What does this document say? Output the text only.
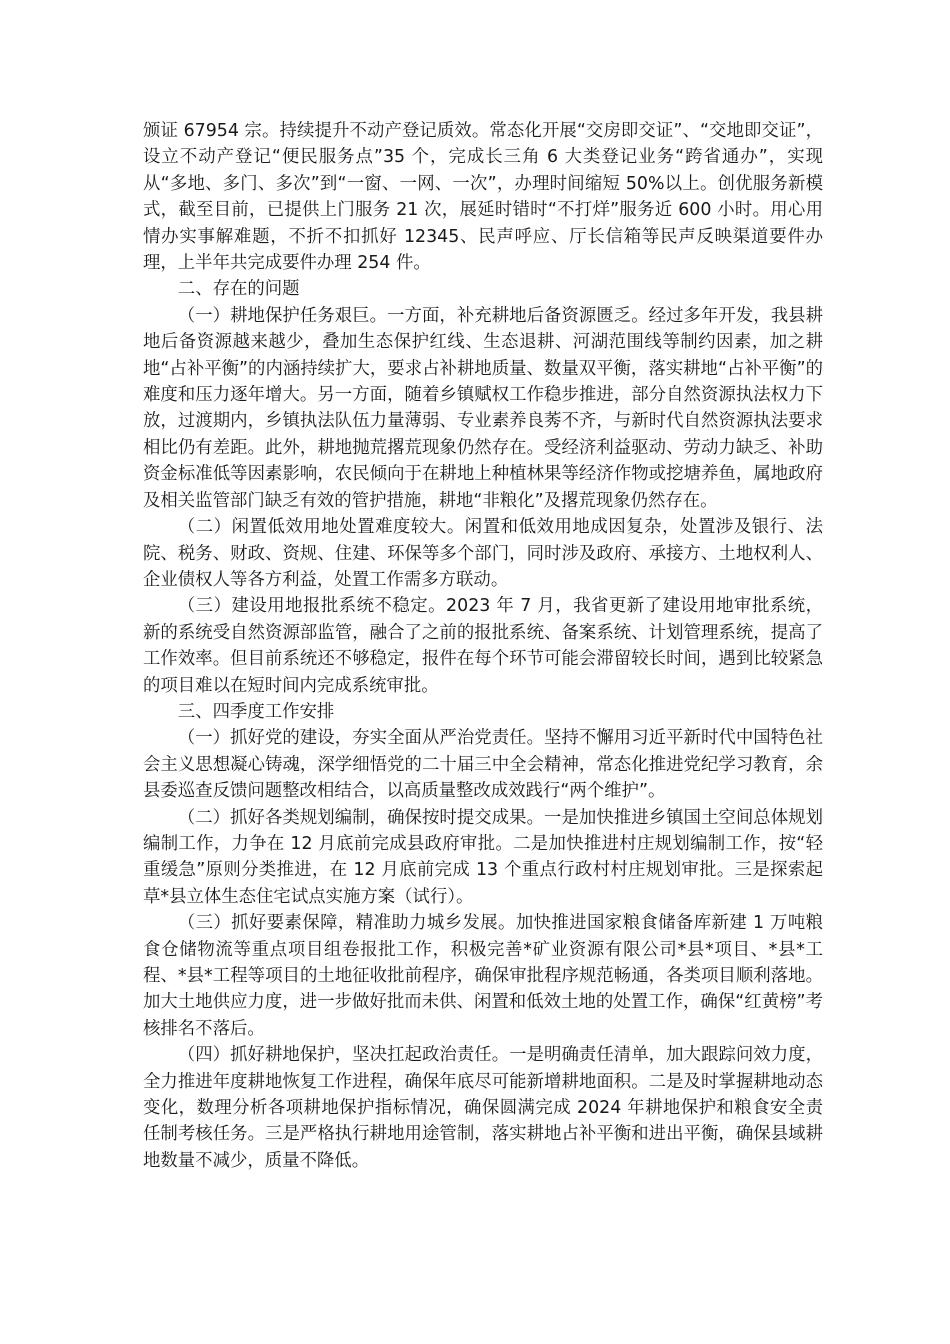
颁证 67954 宗。持续提升不动产登记质效。常态化开展“交房即交证”、“交地即交证”，设立不动产登记“便民服务点”35 个，完成长三角 6 大类登记业务“跨省通办”，实现从“多地、多门、多次”到“一窗、一网、一次”，办理时间缩短 50%以上。创优服务新模式，截至目前，已提供上门服务 21 次，展延时错时“不打烊”服务近 600 小时。用心用情办实事解难题，不折不扣抓好 12345、民声呼应、厅长信箱等民声反映渠道要件办理，上半年共完成要件办理 254 件。

二、存在的问题

（一）耕地保护任务艰巨。一方面，补充耕地后备资源匮乏。经过多年开发，我县耕地后备资源越来越少，叠加生态保护红线、生态退耕、河湖范围线等制约因素，加之耕地“占补平衡”的内涵持续扩大，要求占补耕地质量、数量双平衡，落实耕地“占补平衡”的难度和压力逐年增大。另一方面，随着乡镇赋权工作稳步推进，部分自然资源执法权力下放，过渡期内，乡镇执法队伍力量薄弱、专业素养良莠不齐，与新时代自然资源执法要求相比仍有差距。此外，耕地抛荒撂荒现象仍然存在。受经济利益驱动、劳动力缺乏、补助资金标准低等因素影响，农民倾向于在耕地上种植林果等经济作物或挖塘养鱼，属地政府及相关监管部门缺乏有效的管护措施，耕地“非粮化”及撂荒现象仍然存在。

（二）闲置低效用地处置难度较大。闲置和低效用地成因复杂，处置涉及银行、法院、税务、财政、资规、住建、环保等多个部门，同时涉及政府、承接方、土地权利人、企业债权人等各方利益，处置工作需多方联动。

（三）建设用地报批系统不稳定。2023 年 7 月，我省更新了建设用地审批系统，新的系统受自然资源部监管，融合了之前的报批系统、备案系统、计划管理系统，提高了工作效率。但目前系统还不够稳定，报件在每个环节可能会滞留较长时间，遇到比较紧急的项目难以在短时间内完成系统审批。

三、四季度工作安排

（一）抓好党的建设，夯实全面从严治党责任。坚持不懈用习近平新时代中国特色社会主义思想凝心铸魂，深学细悟党的二十届三中全会精神，常态化推进党纪学习教育，余县委巡查反馈问题整改相结合，以高质量整改成效践行“两个维护”。

（二）抓好各类规划编制，确保按时提交成果。一是加快推进乡镇国土空间总体规划编制工作，力争在 12 月底前完成县政府审批。二是加快推进村庄规划编制工作，按“轻重缓急”原则分类推进，在 12 月底前完成 13 个重点行政村村庄规划审批。三是探索起草*县立体生态住宅试点实施方案（试行）。

（三）抓好要素保障，精准助力城乡发展。加快推进国家粮食储备库新建 1 万吨粮食仓储物流等重点项目组卷报批工作，积极完善*矿业资源有限公司*县*项目、*县*工程、*县*工程等项目的土地征收批前程序，确保审批程序规范畅通，各类项目顺利落地。加大土地供应力度，进一步做好批而未供、闲置和低效土地的处置工作，确保“红黄榜”考核排名不落后。

（四）抓好耕地保护，坚决扛起政治责任。一是明确责任清单，加大跟踪问效力度，全力推进年度耕地恢复工作进程，确保年底尽可能新增耕地面积。二是及时掌握耕地动态变化，数理分析各项耕地保护指标情况，确保圆满完成 2024 年耕地保护和粮食安全责任制考核任务。三是严格执行耕地用途管制，落实耕地占补平衡和进出平衡，确保县域耕地数量不减少，质量不降低。
